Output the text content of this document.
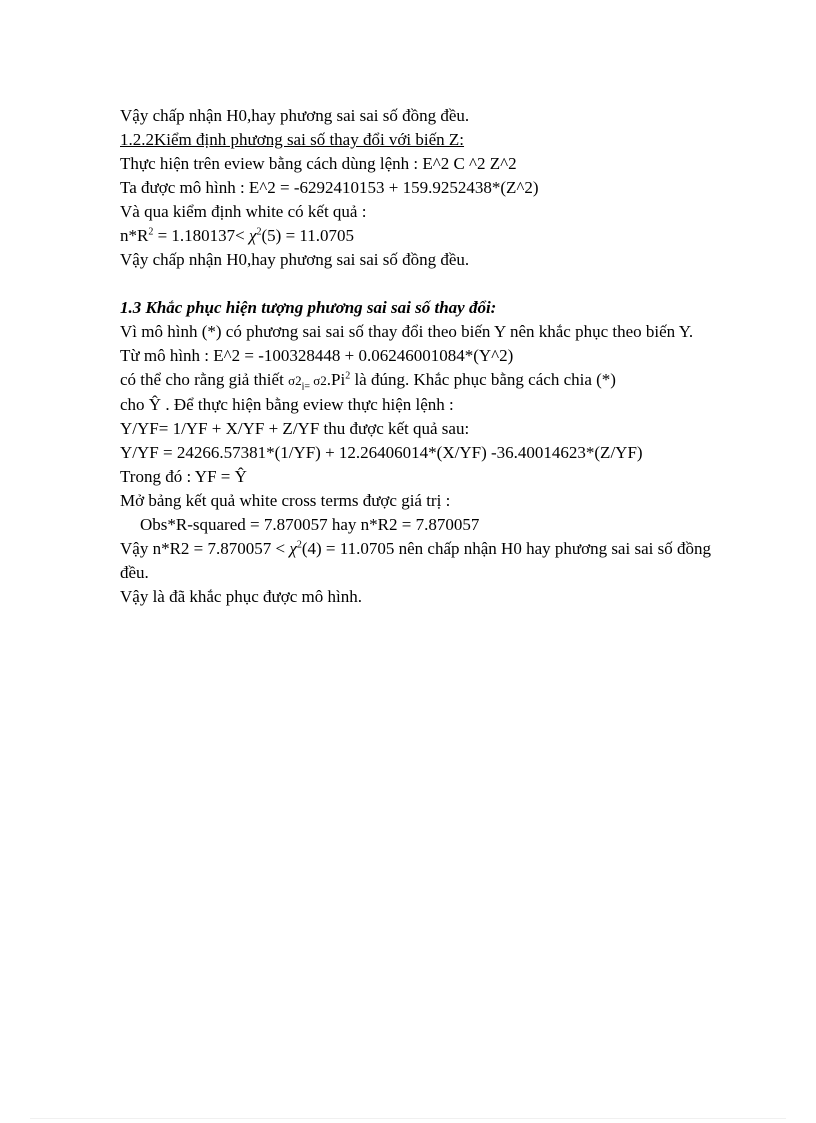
Vậy chấp nhận H0,hay phương sai sai số đồng đều.
1.2.2Kiểm định phương sai số thay đổi với biến Z:
Thực hiện trên eview bằng cách dùng lệnh : E^2 C ^2 Z^2
Ta được mô hình : E^2 = -6292410153 + 159.9252438*(Z^2)
Và qua kiểm định white có kết quả :
$n*R^2 = 1.180137< \chi^2(5) = 11.0705$
Vậy chấp nhận H0,hay phương sai sai số đồng đều.
1.3 Khắc phục hiện tượng phương sai sai số thay đổi:
Vì mô hình (*) có phương sai sai số thay đổi theo biến Y nên khắc phục theo biến Y.
Từ mô hình : E^2 = -100328448 + 0.06246001084*(Y^2)
có thể cho rằng giả thiết $\sigma 2_{i=}$ σ2.Pi$^2$ là đúng. Khắc phục bằng cách chia (*)
cho Ŷ . Để thực hiện bằng eview thực hiện lệnh :
Y/YF= 1/YF + X/YF + Z/YF thu được kết quả sau:
Y/YF = 24266.57381*(1/YF) + 12.26406014*(X/YF) -36.40014623*(Z/YF)
Trong đó : YF = Ŷ
Mở bảng kết quả white cross terms được giá trị :
Obs*R-squared = 7.870057 hay n*R2 = 7.870057
Vậy $n*R2 = 7.870057 < \chi^2(4) = 11.0705$ nên chấp nhận H0 hay phương sai sai số đồng đều.
Vậy là đã khắc phục được mô hình.
